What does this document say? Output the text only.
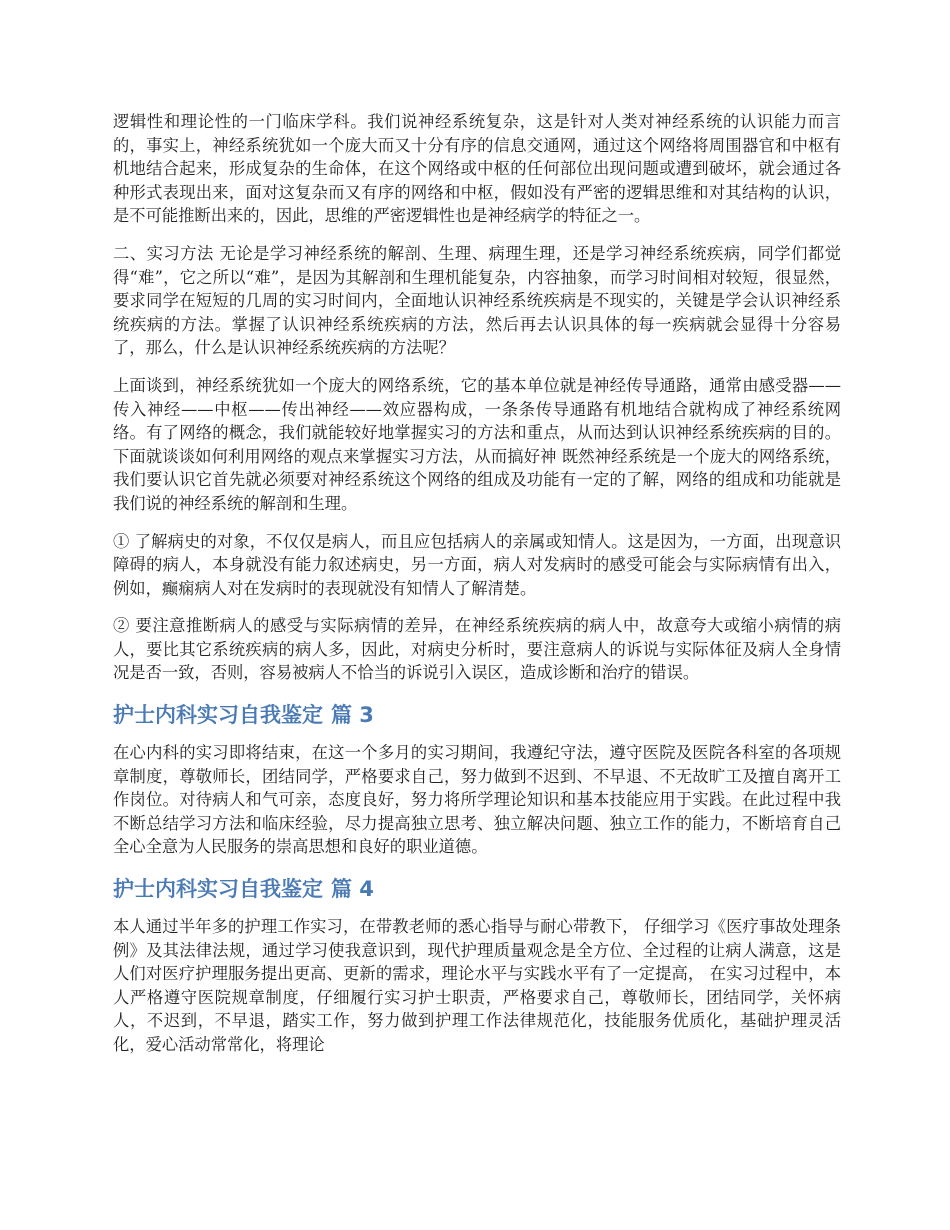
逻辑性和理论性的一门临床学科。我们说神经系统复杂，这是针对人类对神经系统的认识能力而言的，事实上，神经系统犹如一个庞大而又十分有序的信息交通网，通过这个网络将周围器官和中枢有机地结合起来，形成复杂的生命体，在这个网络或中枢的任何部位出现问题或遭到破坏，就会通过各种形式表现出来，面对这复杂而又有序的网络和中枢，假如没有严密的逻辑思维和对其结构的认识，是不可能推断出来的，因此，思维的严密逻辑性也是神经病学的特征之一。

二、实习方法 无论是学习神经系统的解剖、生理、病理生理，还是学习神经系统疾病，同学们都觉得“难”，它之所以“难”，是因为其解剖和生理机能复杂，内容抽象，而学习时间相对较短，很显然，要求同学在短短的几周的实习时间内，全面地认识神经系统疾病是不现实的，关键是学会认识神经系统疾病的方法。掌握了认识神经系统疾病的方法，然后再去认识具体的每一疾病就会显得十分容易了，那么，什么是认识神经系统疾病的方法呢？

上面谈到，神经系统犹如一个庞大的网络系统，它的基本单位就是神经传导通路，通常由感受器——传入神经——中枢——传出神经——效应器构成，一条条传导通路有机地结合就构成了神经系统网络。有了网络的概念，我们就能较好地掌握实习的方法和重点，从而达到认识神经系统疾病的目的。下面就谈谈如何利用网络的观点来掌握实习方法，从而搞好神 既然神经系统是一个庞大的网络系统，我们要认识它首先就必须要对神经系统这个网络的组成及功能有一定的了解，网络的组成和功能就是我们说的神经系统的解剖和生理。

① 了解病史的对象，不仅仅是病人，而且应包括病人的亲属或知情人。这是因为，一方面，出现意识障碍的病人，本身就没有能力叙述病史，另一方面，病人对发病时的感受可能会与实际病情有出入，例如，癫痫病人对在发病时的表现就没有知情人了解清楚。

② 要注意推断病人的感受与实际病情的差异，在神经系统疾病的病人中，故意夸大或缩小病情的病人，要比其它系统疾病的病人多，因此，对病史分析时，要注意病人的诉说与实际体征及病人全身情况是否一致，否则，容易被病人不恰当的诉说引入误区，造成诊断和治疗的错误。

护士内科实习自我鉴定 篇 3

在心内科的实习即将结束，在这一个多月的实习期间，我遵纪守法，遵守医院及医院各科室的各项规章制度，尊敬师长，团结同学，严格要求自己，努力做到不迟到、不早退、不无故旷工及擅自离开工作岗位。对待病人和气可亲，态度良好，努力将所学理论知识和基本技能应用于实践。在此过程中我不断总结学习方法和临床经验，尽力提高独立思考、独立解决问题、独立工作的能力，不断培育自己全心全意为人民服务的崇高思想和良好的职业道德。

护士内科实习自我鉴定 篇 4

本人通过半年多的护理工作实习，在带教老师的悉心指导与耐心带教下， 仔细学习《医疗事故处理条例》及其法律法规，通过学习使我意识到，现代护理质量观念是全方位、全过程的让病人满意，这是人们对医疗护理服务提出更高、更新的需求，理论水平与实践水平有了一定提高， 在实习过程中，本人严格遵守医院规章制度，仔细履行实习护士职责，严格要求自己，尊敬师长，团结同学，关怀病人，不迟到，不早退，踏实工作，努力做到护理工作法律规范化，技能服务优质化，基础护理灵活化，爱心活动常常化，将理论
